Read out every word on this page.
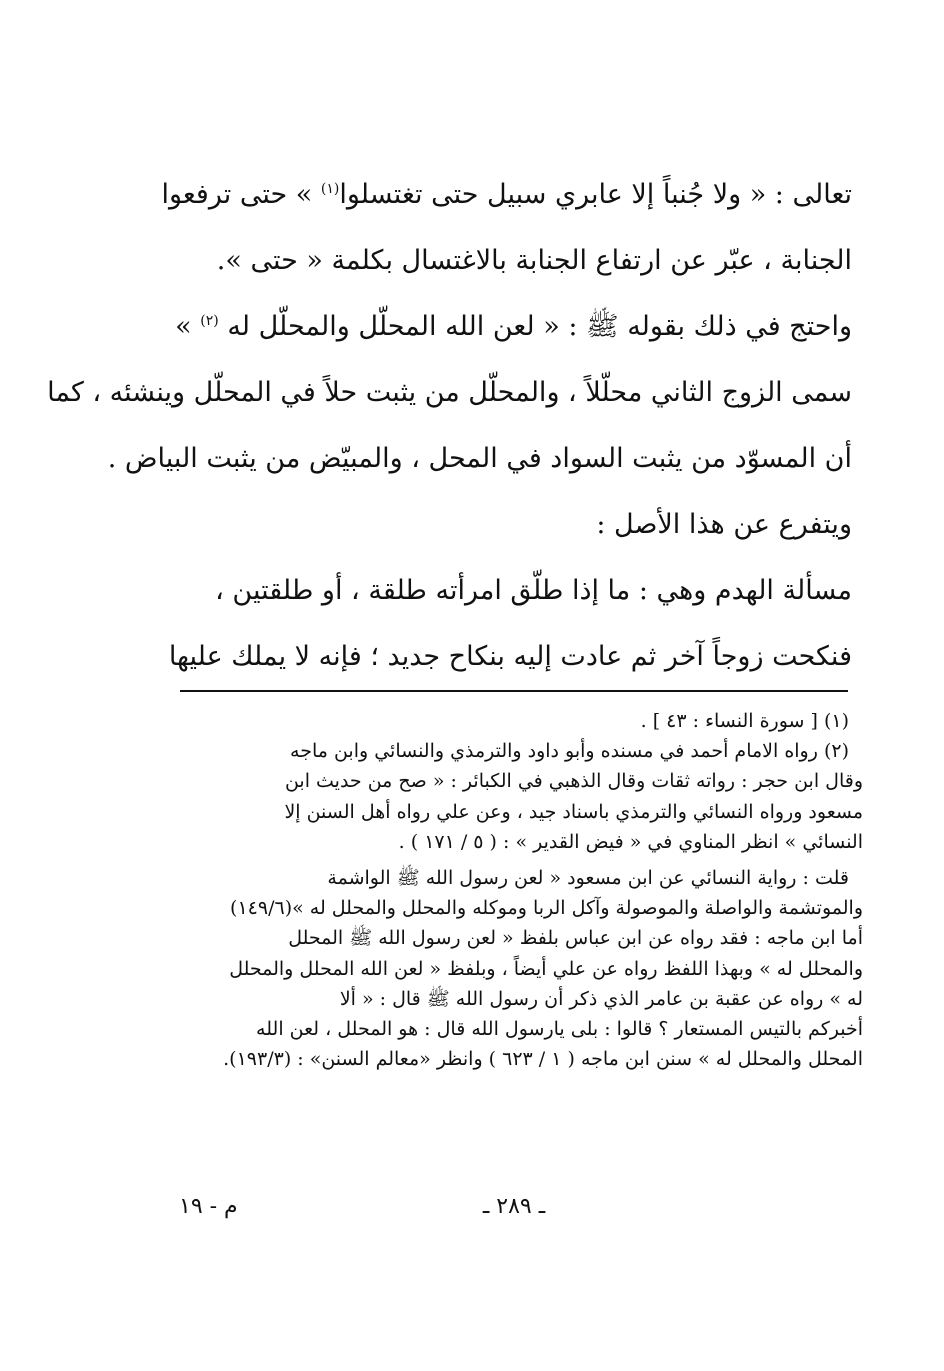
تعالى : « ولا جُنباً إلا عابري سبيل حتى تغتسلوا$^{(١)}$ » حتى ترفعوا
الجنابة ، عبّر عن ارتفاع الجنابة بالاغتسال بكلمة « حتى ».
واحتج في ذلك بقوله ﷺ : « لعن الله المحلّل والمحلّل له $^{(٢)}$ »
سمى الزوج الثاني محلّلاً ، والمحلّل من يثبت حلاً في المحلّل وينشئه ، كما
أن المسوّد من يثبت السواد في المحل ، والمبيّض من يثبت البياض .
ويتفرع عن هذا الأصل :
مسألة الهدم وهي : ما إذا طلّق امرأته طلقة ، أو طلقتين ،
فنكحت زوجاً آخر ثم عادت إليه بنكاح جديد ؛ فإنه لا يملك عليها
(١) [ سورة النساء : ٤٣ ] .
(٢) رواه الامام أحمد في مسنده وأبو داود والترمذي والنسائي وابن ماجه
وقال ابن حجر : رواته ثقات وقال الذهبي في الكبائر : « صح من حديث ابن
مسعود ورواه النسائي والترمذي باسناد جيد ، وعن علي رواه أهل السنن إلا
النسائي » انظر المناوي في « فيض القدير » : ( ٥ / ١٧١ ) .
قلت : رواية النسائي عن ابن مسعود « لعن رسول الله ﷺ الواشمة
والموتشمة والواصلة والموصولة وآكل الربا وموكله والمحلل والمحلل له »(١٤٩/٦)
أما ابن ماجه : فقد رواه عن ابن عباس بلفظ « لعن رسول الله ﷺ المحلل
والمحلل له » وبهذا اللفظ رواه عن علي أيضاً ، وبلفظ « لعن الله المحلل والمحلل
له » رواه عن عقبة بن عامر الذي ذكر أن رسول الله ﷺ قال : « ألا
أخبركم بالتيس المستعار ؟ قالوا : بلى يارسول الله قال : هو المحلل ، لعن الله
المحلل والمحلل له » سنن ابن ماجه ( ١ / ٦٢٣ ) وانظر «معالم السنن» : (١٩٣/٣).
ـ ٢٨٩ ـ
م - ١٩
